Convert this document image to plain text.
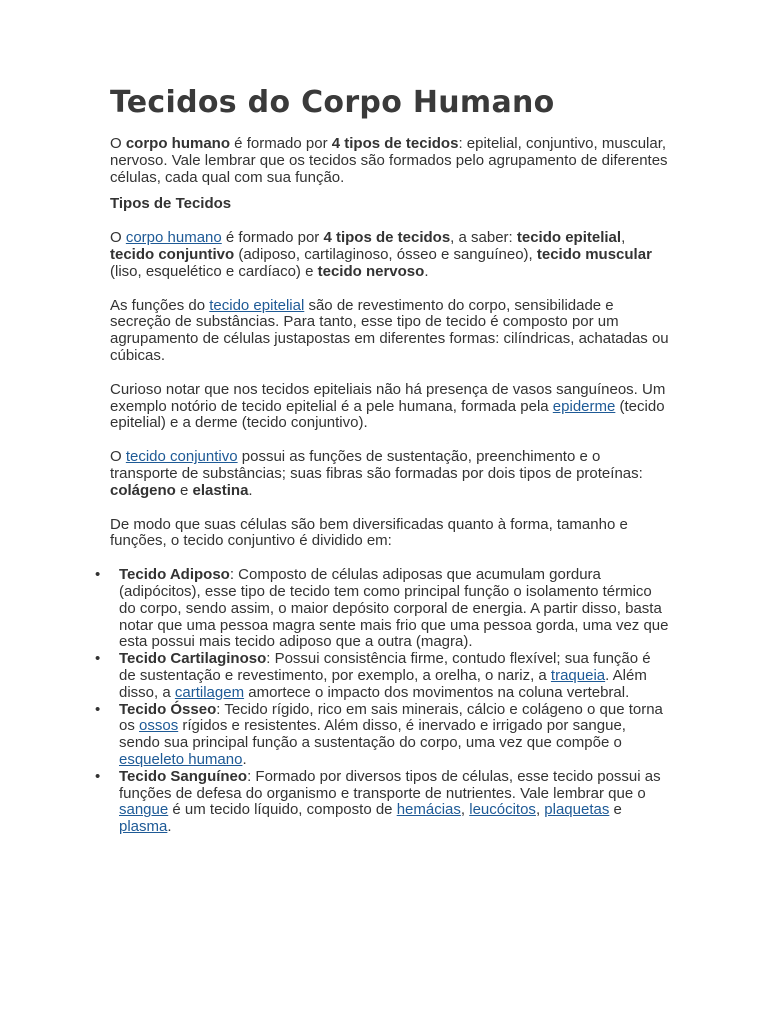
Tecidos do Corpo Humano

O corpo humano é formado por 4 tipos de tecidos: epitelial, conjuntivo, muscular, nervoso. Vale lembrar que os tecidos são formados pelo agrupamento de diferentes células, cada qual com sua função.

Tipos de Tecidos

O corpo humano é formado por 4 tipos de tecidos, a saber: tecido epitelial, tecido conjuntivo (adiposo, cartilaginoso, ósseo e sanguíneo), tecido muscular (liso, esquelético e cardíaco) e tecido nervoso.

As funções do tecido epitelial são de revestimento do corpo, sensibilidade e secreção de substâncias. Para tanto, esse tipo de tecido é composto por um agrupamento de células justapostas em diferentes formas: cilíndricas, achatadas ou cúbicas.

Curioso notar que nos tecidos epiteliais não há presença de vasos sanguíneos. Um exemplo notório de tecido epitelial é a pele humana, formada pela epiderme (tecido epitelial) e a derme (tecido conjuntivo).

O tecido conjuntivo possui as funções de sustentação, preenchimento e o transporte de substâncias; suas fibras são formadas por dois tipos de proteínas: colágeno e elastina.

De modo que suas células são bem diversificadas quanto à forma, tamanho e funções, o tecido conjuntivo é dividido em:

• Tecido Adiposo: Composto de células adiposas que acumulam gordura (adipócitos), esse tipo de tecido tem como principal função o isolamento térmico do corpo, sendo assim, o maior depósito corporal de energia. A partir disso, basta notar que uma pessoa magra sente mais frio que uma pessoa gorda, uma vez que esta possui mais tecido adiposo que a outra (magra).
• Tecido Cartilaginoso: Possui consistência firme, contudo flexível; sua função é de sustentação e revestimento, por exemplo, a orelha, o nariz, a traqueia. Além disso, a cartilagem amortece o impacto dos movimentos na coluna vertebral.
• Tecido Ósseo: Tecido rígido, rico em sais minerais, cálcio e colágeno o que torna os ossos rígidos e resistentes. Além disso, é inervado e irrigado por sangue, sendo sua principal função a sustentação do corpo, uma vez que compõe o esqueleto humano.
• Tecido Sanguíneo: Formado por diversos tipos de células, esse tecido possui as funções de defesa do organismo e transporte de nutrientes. Vale lembrar que o sangue é um tecido líquido, composto de hemácias, leucócitos, plaquetas e plasma.
